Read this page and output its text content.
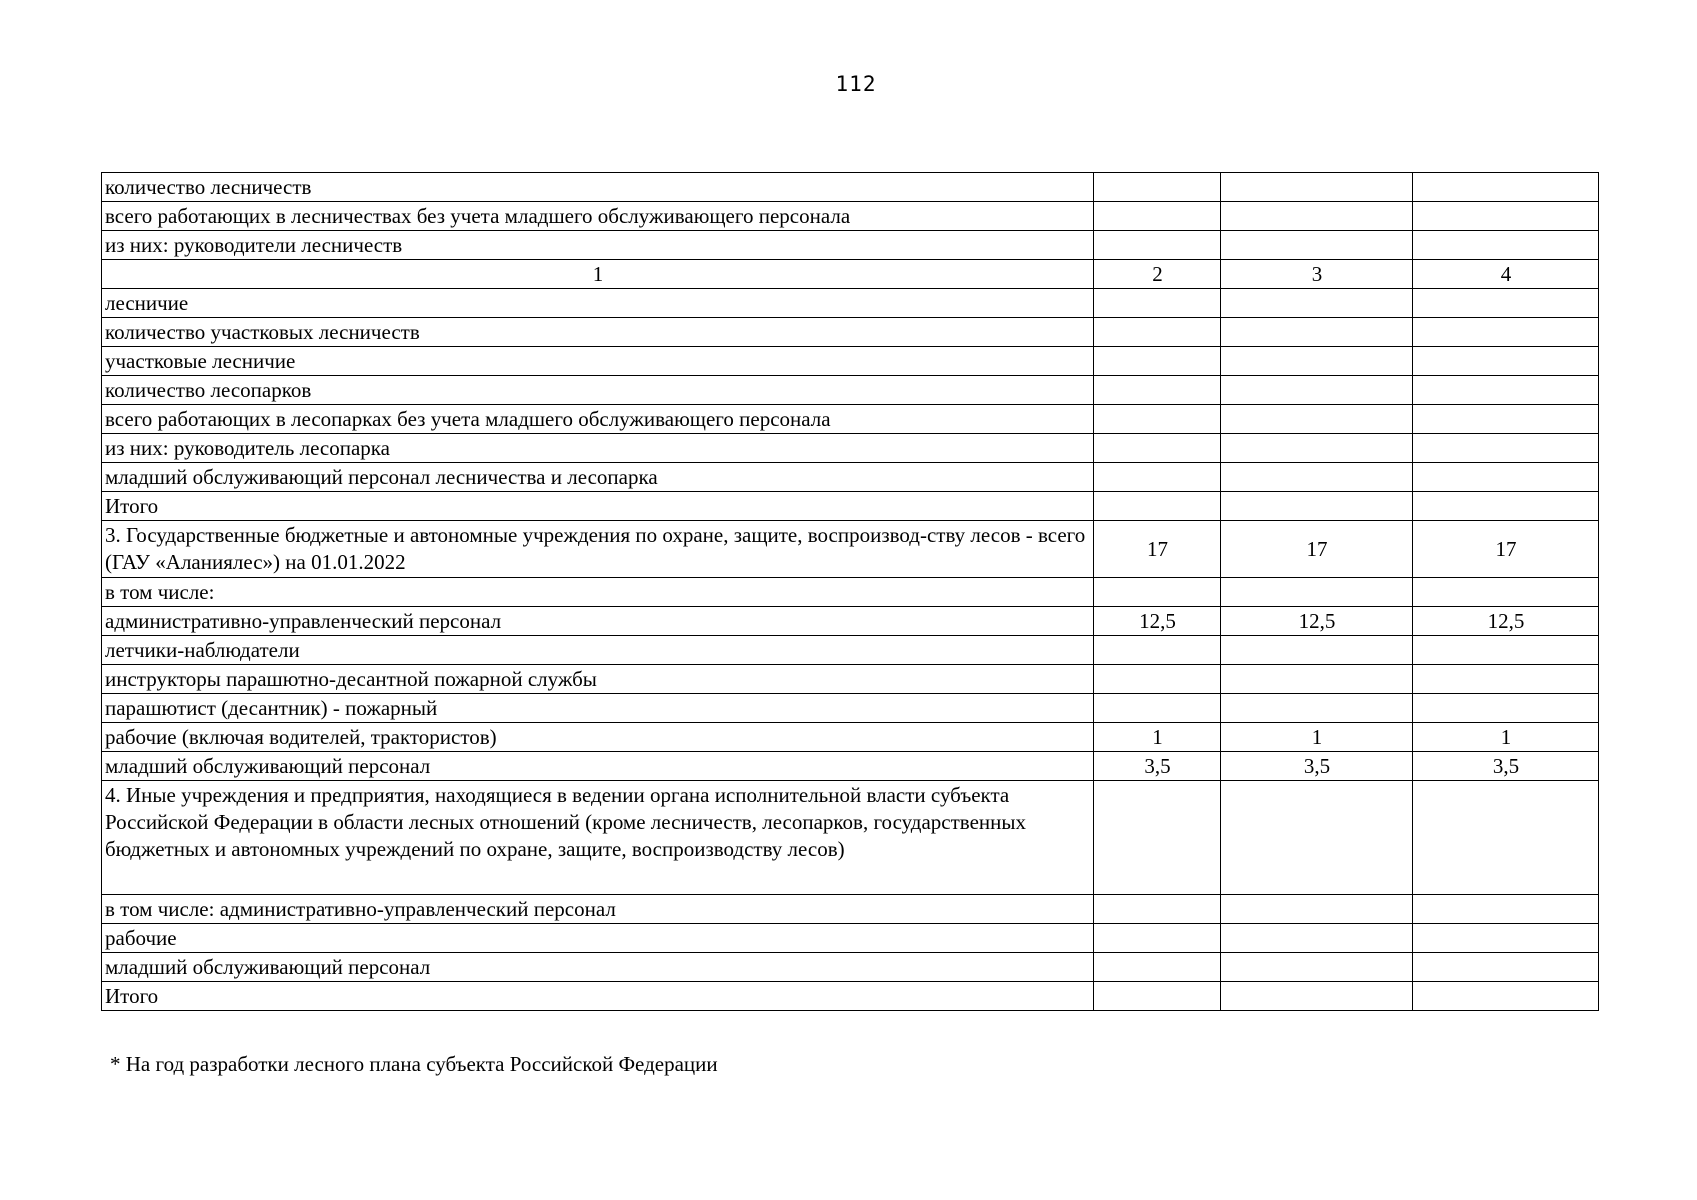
112
количество лесничеств			
всего работающих в лесничествах без учета младшего обслуживающего персонала			
из них: руководители лесничеств			
1	2	3	4
лесничие			
количество участковых лесничеств			
участковые лесничие			
количество лесопарков			
всего работающих в лесопарках без учета младшего обслуживающего персонала			
из них: руководитель лесопарка			
младший обслуживающий персонал лесничества и лесопарка			
Итого			
3. Государственные бюджетные и автономные учреждения по охране, защите, воспроизвод-ству лесов - всего (ГАУ «Аланиялес») на 01.01.2022	17	17	17
в том числе:			
административно-управленческий персонал	12,5	12,5	12,5
летчики-наблюдатели			
инструкторы парашютно-десантной пожарной службы			
парашютист (десантник) - пожарный			
рабочие (включая водителей, трактористов)	1	1	1
младший обслуживающий персонал	3,5	3,5	3,5
4. Иные учреждения и предприятия, находящиеся в ведении органа исполнительной власти субъекта Российской Федерации в области лесных отношений (кроме лесничеств, лесопарков, государственных бюджетных и автономных учреждений по охране, защите, воспроизводству лесов)			
в том числе: административно-управленческий персонал			
рабочие			
младший обслуживающий персонал			
Итого			
* На год разработки лесного плана субъекта Российской Федерации
